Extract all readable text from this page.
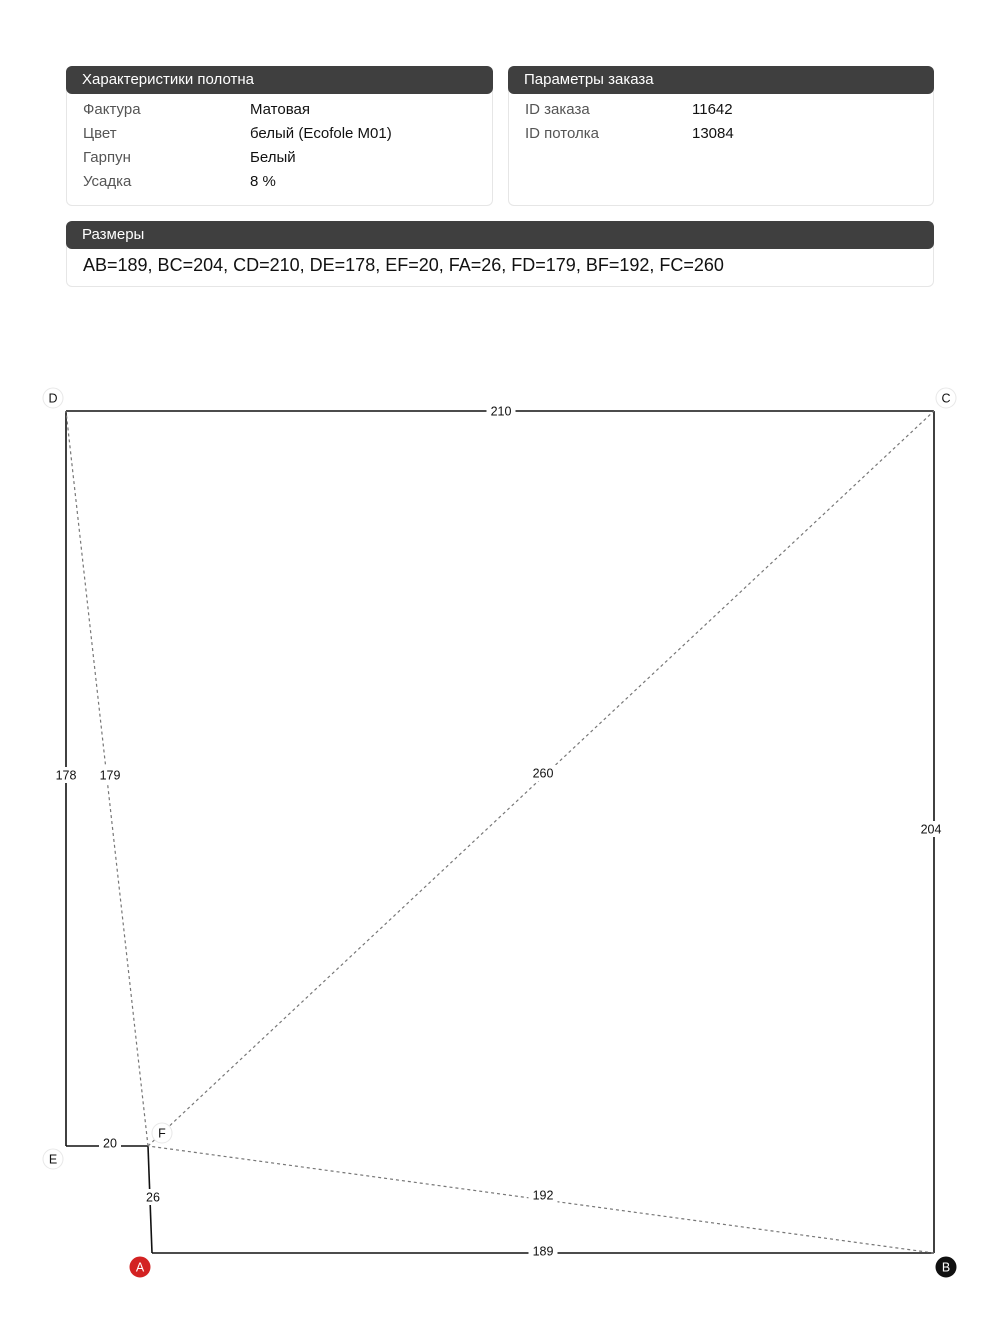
Характеристики полотна
Фактура	Матовая
Цвет	белый (Ecofole M01)
Гарпун	Белый
Усадка	8 %
Параметры заказа
ID заказа	11642
ID потолка	13084
Размеры
AB=189, BC=204, CD=210, DE=178, EF=20, FA=26, FD=179, BF=192, FC=260
189
204
210
178
20
26
179
192
260
A	B
C
D
E
F
